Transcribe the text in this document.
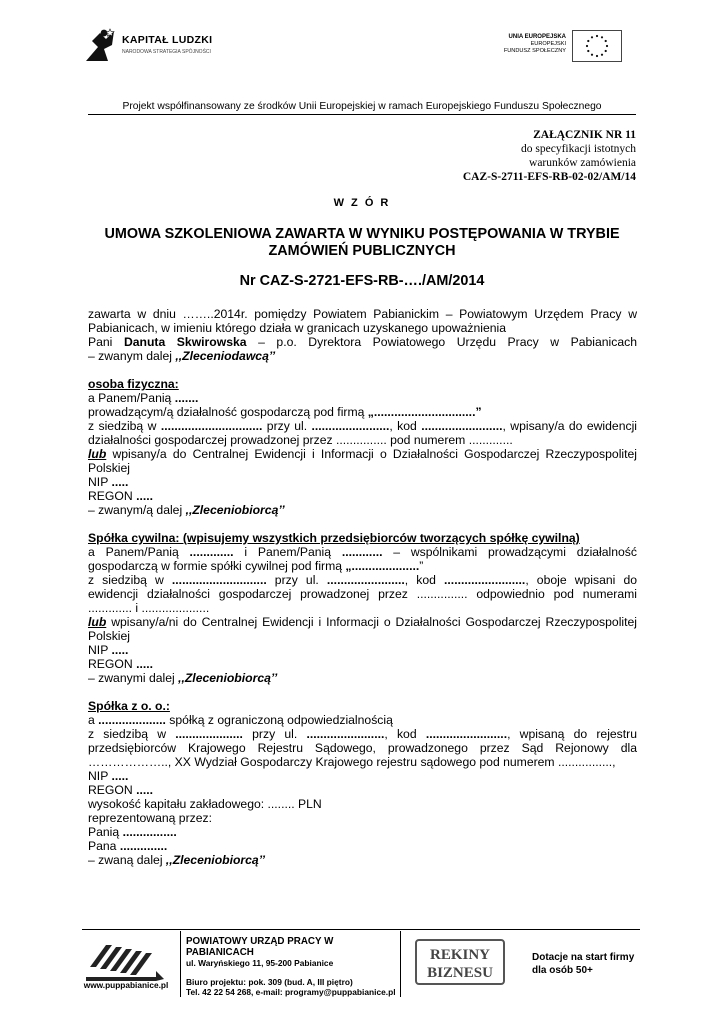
KAPITAŁ LUDZKI
NARODOWA STRATEGIA SPÓJNOŚCI
UNIA EUROPEJSKA
EUROPEJSKI
FUNDUSZ SPOŁECZNY
Projekt współfinansowany ze środków Unii Europejskiej w ramach Europejskiego Funduszu Społecznego
ZAŁĄCZNIK NR 11
do specyfikacji istotnych
warunków zamówienia
CAZ-S-2711-EFS-RB-02-02/AM/14
W Z Ó R
UMOWA SZKOLENIOWA ZAWARTA W WYNIKU POSTĘPOWANIA W TRYBIE ZAMÓWIEŃ PUBLICZNYCH
Nr CAZ-S-2721-EFS-RB-…./AM/2014

zawarta w dniu ……..2014r. pomiędzy Powiatem Pabianickim – Powiatowym Urzędem Pracy w Pabianicach, w imieniu którego działa w granicach uzyskanego upoważnienia

Pani Danuta Skwirowska – p.o. Dyrektora Powiatowego Urzędu Pracy w Pabianicach

– zwanym dalej ,,Zleceniodawcą’’

osoba fizyczna:

a Panem/Panią .......

prowadzącym/ą działalność gospodarczą pod firmą „..............................”

z siedzibą w .............................. przy ul. ......................., kod ........................, wpisany/a do ewidencji działalności gospodarczej prowadzonej przez ............... pod numerem .............

lub wpisany/a do Centralnej Ewidencji i Informacji o Działalności Gospodarczej Rzeczypospolitej Polskiej

NIP .....

REGON .....

– zwanym/ą dalej ,,Zleceniobiorcą’’

Spółka cywilna: (wpisujemy wszystkich przedsiębiorców tworzących spółkę cywilną)

a Panem/Panią ............. i Panem/Panią ............ – wspólnikami prowadzącymi działalność gospodarczą w formie spółki cywilnej pod firmą „....................”

z siedzibą w ............................ przy ul. ......................., kod ........................, oboje wpisani do ewidencji działalności gospodarczej prowadzonej przez ............... odpowiednio pod numerami ............. i ....................

lub wpisany/a/ni do Centralnej Ewidencji i Informacji o Działalności Gospodarczej Rzeczypospolitej Polskiej

NIP .....

REGON .....

– zwanymi dalej ,,Zleceniobiorcą’’

Spółka z o. o.:

a .................... spółką z ograniczoną odpowiedzialnością

z siedzibą w .................... przy ul. ......................., kod ........................, wpisaną do rejestru przedsiębiorców Krajowego Rejestru Sądowego, prowadzonego przez Sąd Rejonowy dla ……………….., XX Wydział Gospodarczy Krajowego rejestru sądowego pod numerem ................,

NIP .....

REGON .....

wysokość kapitału zakładowego: ........ PLN

reprezentowaną przez:

Panią ................

Pana ..............

– zwaną dalej ,,Zleceniobiorcą’’

www.puppabianice.pl
POWIATOWY URZĄD PRACY W PABIANICACH
ul. Waryńskiego 11, 95-200 Pabianice
Biuro projektu: pok. 309 (bud. A, III piętro)
Tel. 42 22 54 268, e-mail: programy@puppabianice.pl
REKINY
BIZNESU
Dotacje na start firmy
dla osób 50+
